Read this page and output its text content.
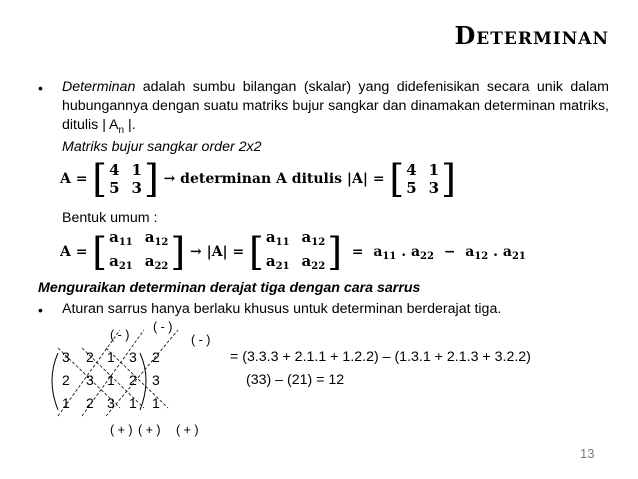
Determinan
• Determinan adalah sumbu bilangan (skalar) yang didefenisikan secara unik dalam hubungannya dengan suatu matriks bujur sangkar dan dinamakan determinan matriks, ditulis | $A_n$ |.
Matriks bujur sangkar order 2x2
A = [ 4 1
5 3 ] → determinan A ditulis |A| = [ 4 1
5 3 ]
Bentuk umum :
A = [ $a_{11}$ $a_{12}$
$a_{21}$ $a_{22}$ ] → |A| = [ $a_{11}$ $a_{12}$
$a_{21}$ $a_{22}$ ] = $a_{11}$ . $a_{22} - a_{12}$ . $a_{21}$
Menguraikan determinan derajat tiga dengan cara sarrus
• Aturan sarrus hanya berlaku khusus untuk determinan berderajat tiga.
( - )
( - )
( - )
3 2 1 3 2
2 3 1 2 3
1 2 3 1 1
( + ) ( + ) ( + )
= (3.3.3 + 2.1.1 + 1.2.2) – (1.3.1 + 2.1.3 + 3.2.2)
(33) – (21) = 12
13
